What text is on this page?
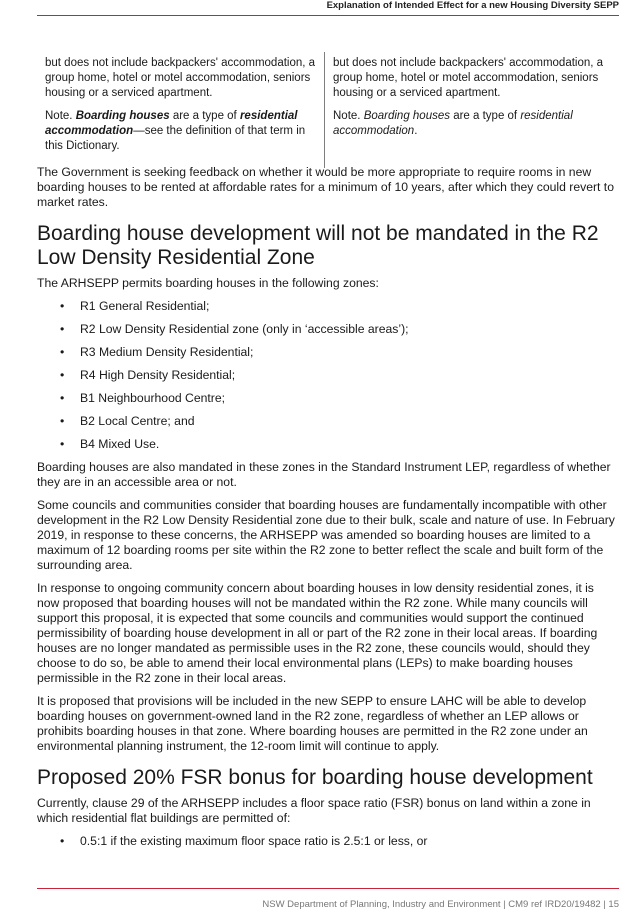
Explanation of Intended Effect for a new Housing Diversity SEPP

but does not include backpackers' accommodation, a group home, hotel or motel accommodation, seniors housing or a serviced apartment.

Note. Boarding houses are a type of residential accommodation—see the definition of that term in this Dictionary.

but does not include backpackers' accommodation, a group home, hotel or motel accommodation, seniors housing or a serviced apartment.

Note. Boarding houses are a type of residential accommodation.

The Government is seeking feedback on whether it would be more appropriate to require rooms in new boarding houses to be rented at affordable rates for a minimum of 10 years, after which they could revert to market rates.

Boarding house development will not be mandated in the R2 Low Density Residential Zone

The ARHSEPP permits boarding houses in the following zones:

• R1 General Residential;
• R2 Low Density Residential zone (only in ‘accessible areas’);
• R3 Medium Density Residential;
• R4 High Density Residential;
• B1 Neighbourhood Centre;
• B2 Local Centre; and
• B4 Mixed Use.

Boarding houses are also mandated in these zones in the Standard Instrument LEP, regardless of whether they are in an accessible area or not.

Some councils and communities consider that boarding houses are fundamentally incompatible with other development in the R2 Low Density Residential zone due to their bulk, scale and nature of use. In February 2019, in response to these concerns, the ARHSEPP was amended so boarding houses are limited to a maximum of 12 boarding rooms per site within the R2 zone to better reflect the scale and built form of the surrounding area.

In response to ongoing community concern about boarding houses in low density residential zones, it is now proposed that boarding houses will not be mandated within the R2 zone. While many councils will support this proposal, it is expected that some councils and communities would support the continued permissibility of boarding house development in all or part of the R2 zone in their local areas. If boarding houses are no longer mandated as permissible uses in the R2 zone, these councils would, should they choose to do so, be able to amend their local environmental plans (LEPs) to make boarding houses permissible in the R2 zone in their local areas.

It is proposed that provisions will be included in the new SEPP to ensure LAHC will be able to develop boarding houses on government-owned land in the R2 zone, regardless of whether an LEP allows or prohibits boarding houses in that zone. Where boarding houses are permitted in the R2 zone under an environmental planning instrument, the 12-room limit will continue to apply.

Proposed 20% FSR bonus for boarding house development

Currently, clause 29 of the ARHSEPP includes a floor space ratio (FSR) bonus on land within a zone in which residential flat buildings are permitted of:

• 0.5:1 if the existing maximum floor space ratio is 2.5:1 or less, or
NSW Department of Planning, Industry and Environment | CM9 ref IRD20/19482 | 15
